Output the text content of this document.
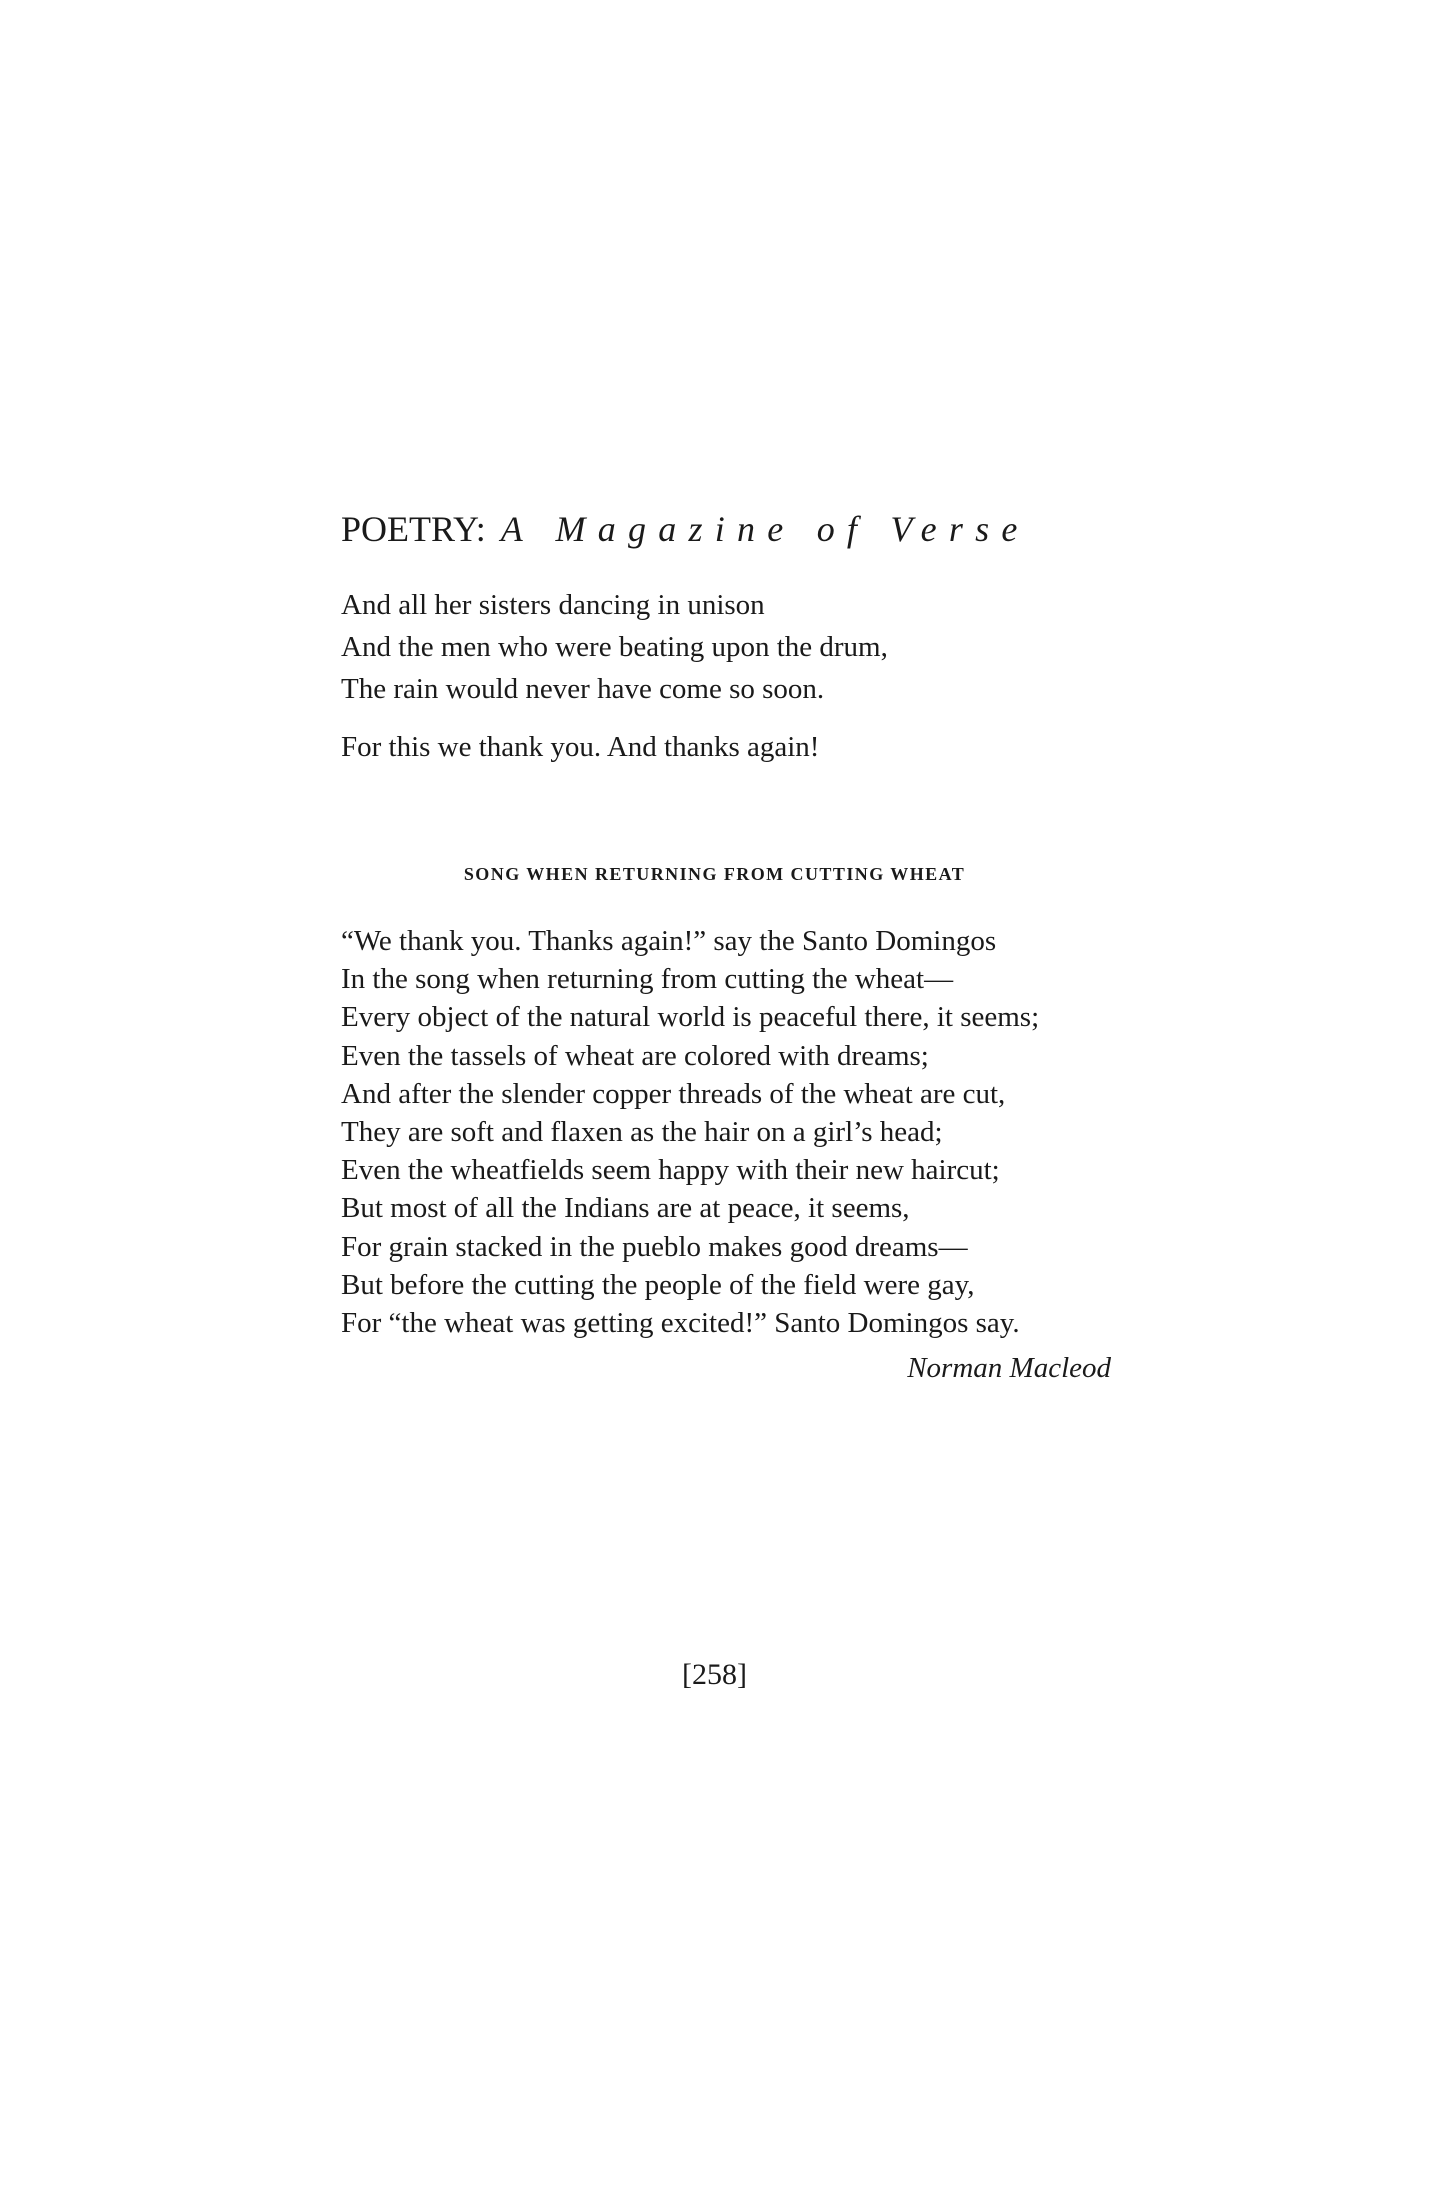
POETRY: A Magazine of Verse
And all her sisters dancing in unison
And the men who were beating upon the drum,
The rain would never have come so soon.
For this we thank you. And thanks again!
SONG WHEN RETURNING FROM CUTTING WHEAT
“We thank you. Thanks again!” say the Santo Domingos
In the song when returning from cutting the wheat—
Every object of the natural world is peaceful there, it seems;
Even the tassels of wheat are colored with dreams;
And after the slender copper threads of the wheat are cut,
They are soft and flaxen as the hair on a girl’s head;
Even the wheatfields seem happy with their new haircut;
But most of all the Indians are at peace, it seems,
For grain stacked in the pueblo makes good dreams—
But before the cutting the people of the field were gay,
For “the wheat was getting excited!” Santo Domingos say.
Norman Macleod
[258]
